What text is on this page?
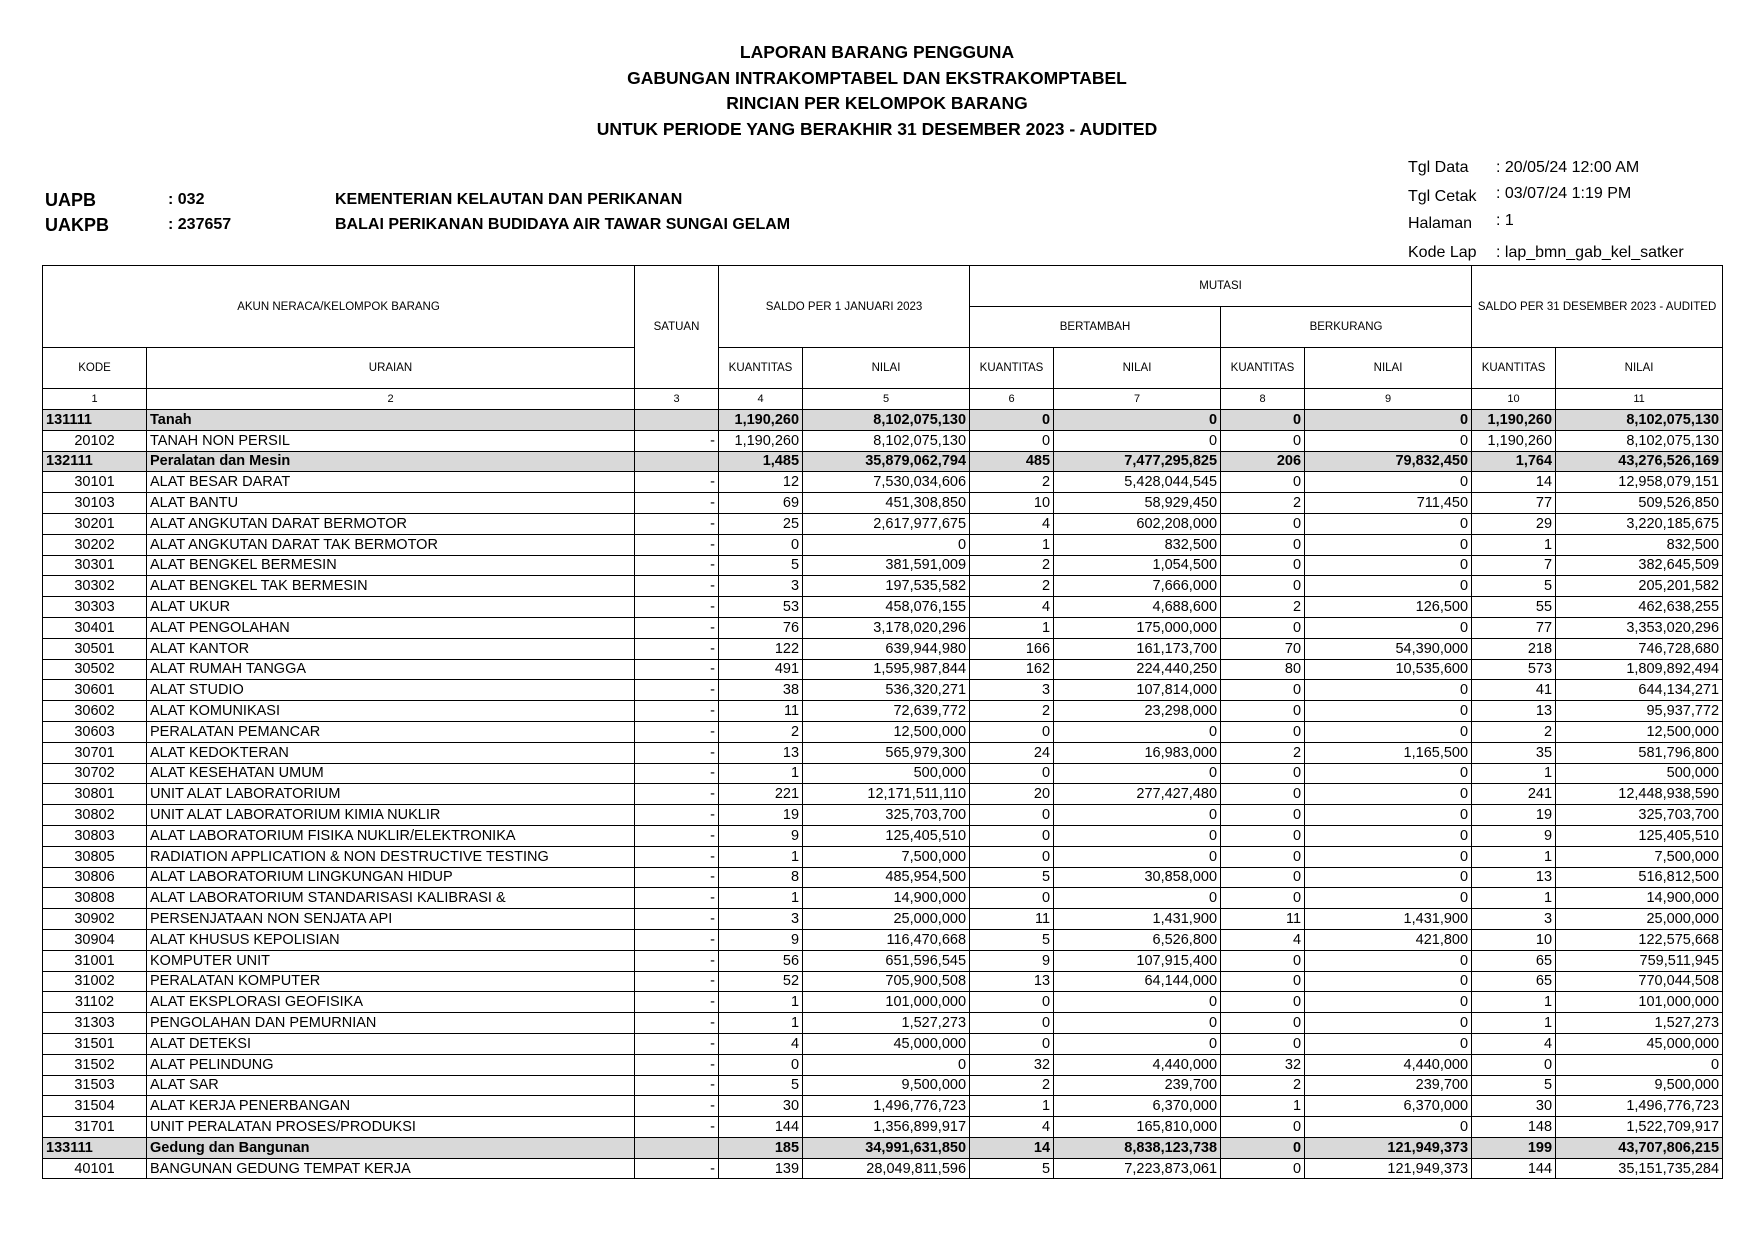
LAPORAN BARANG PENGGUNA
GABUNGAN INTRAKOMPTABEL DAN EKSTRAKOMPTABEL
RINCIAN PER KELOMPOK BARANG
UNTUK PERIODE YANG BERAKHIR 31 DESEMBER 2023 - AUDITED
Tgl Data	: 20/05/24 12:00 AM
Tgl Cetak	: 03/07/24 1:19 PM
Halaman	: 1
Kode Lap	: lap_bmn_gab_kel_satker
UAPB	: 032	KEMENTERIAN KELAUTAN DAN PERIKANAN
UAKPB	: 237657	BALAI PERIKANAN BUDIDAYA AIR TAWAR SUNGAI GELAM
AKUN NERACA/KELOMPOK BARANG		SATUAN	SALDO PER 1 JANUARI 2023		MUTASI				SALDO PER 31 DESEMBER 2023 - AUDITED	
					BERTAMBAH		BERKURANG			
KODE	URAIAN		KUANTITAS	NILAI	KUANTITAS	NILAI	KUANTITAS	NILAI	KUANTITAS	NILAI
1	2	3	4	5	6	7	8	9	10	11
131111	Tanah		1,190,260	8,102,075,130	0	0	0	0	1,190,260	8,102,075,130
20102	TANAH NON PERSIL	-	1,190,260	8,102,075,130	0	0	0	0	1,190,260	8,102,075,130
132111	Peralatan dan Mesin		1,485	35,879,062,794	485	7,477,295,825	206	79,832,450	1,764	43,276,526,169
30101	ALAT BESAR DARAT	-	12	7,530,034,606	2	5,428,044,545	0	0	14	12,958,079,151
30103	ALAT BANTU	-	69	451,308,850	10	58,929,450	2	711,450	77	509,526,850
30201	ALAT ANGKUTAN DARAT BERMOTOR	-	25	2,617,977,675	4	602,208,000	0	0	29	3,220,185,675
30202	ALAT ANGKUTAN DARAT TAK BERMOTOR	-	0	0	1	832,500	0	0	1	832,500
30301	ALAT BENGKEL BERMESIN	-	5	381,591,009	2	1,054,500	0	0	7	382,645,509
30302	ALAT BENGKEL TAK BERMESIN	-	3	197,535,582	2	7,666,000	0	0	5	205,201,582
30303	ALAT UKUR	-	53	458,076,155	4	4,688,600	2	126,500	55	462,638,255
30401	ALAT PENGOLAHAN	-	76	3,178,020,296	1	175,000,000	0	0	77	3,353,020,296
30501	ALAT KANTOR	-	122	639,944,980	166	161,173,700	70	54,390,000	218	746,728,680
30502	ALAT RUMAH TANGGA	-	491	1,595,987,844	162	224,440,250	80	10,535,600	573	1,809,892,494
30601	ALAT STUDIO	-	38	536,320,271	3	107,814,000	0	0	41	644,134,271
30602	ALAT KOMUNIKASI	-	11	72,639,772	2	23,298,000	0	0	13	95,937,772
30603	PERALATAN PEMANCAR	-	2	12,500,000	0	0	0	0	2	12,500,000
30701	ALAT KEDOKTERAN	-	13	565,979,300	24	16,983,000	2	1,165,500	35	581,796,800
30702	ALAT KESEHATAN UMUM	-	1	500,000	0	0	0	0	1	500,000
30801	UNIT ALAT LABORATORIUM	-	221	12,171,511,110	20	277,427,480	0	0	241	12,448,938,590
30802	UNIT ALAT LABORATORIUM KIMIA NUKLIR	-	19	325,703,700	0	0	0	0	19	325,703,700
30803	ALAT LABORATORIUM FISIKA NUKLIR/ELEKTRONIKA	-	9	125,405,510	0	0	0	0	9	125,405,510
30805	RADIATION APPLICATION & NON DESTRUCTIVE TESTING	-	1	7,500,000	0	0	0	0	1	7,500,000
30806	ALAT LABORATORIUM LINGKUNGAN HIDUP	-	8	485,954,500	5	30,858,000	0	0	13	516,812,500
30808	ALAT LABORATORIUM STANDARISASI KALIBRASI &	-	1	14,900,000	0	0	0	0	1	14,900,000
30902	PERSENJATAAN NON SENJATA API	-	3	25,000,000	11	1,431,900	11	1,431,900	3	25,000,000
30904	ALAT KHUSUS KEPOLISIAN	-	9	116,470,668	5	6,526,800	4	421,800	10	122,575,668
31001	KOMPUTER UNIT	-	56	651,596,545	9	107,915,400	0	0	65	759,511,945
31002	PERALATAN KOMPUTER	-	52	705,900,508	13	64,144,000	0	0	65	770,044,508
31102	ALAT EKSPLORASI GEOFISIKA	-	1	101,000,000	0	0	0	0	1	101,000,000
31303	PENGOLAHAN DAN PEMURNIAN	-	1	1,527,273	0	0	0	0	1	1,527,273
31501	ALAT DETEKSI	-	4	45,000,000	0	0	0	0	4	45,000,000
31502	ALAT PELINDUNG	-	0	0	32	4,440,000	32	4,440,000	0	0
31503	ALAT SAR	-	5	9,500,000	2	239,700	2	239,700	5	9,500,000
31504	ALAT KERJA PENERBANGAN	-	30	1,496,776,723	1	6,370,000	1	6,370,000	30	1,496,776,723
31701	UNIT PERALATAN PROSES/PRODUKSI	-	144	1,356,899,917	4	165,810,000	0	0	148	1,522,709,917
133111	Gedung dan Bangunan		185	34,991,631,850	14	8,838,123,738	0	121,949,373	199	43,707,806,215
40101	BANGUNAN GEDUNG TEMPAT KERJA	-	139	28,049,811,596	5	7,223,873,061	0	121,949,373	144	35,151,735,284
